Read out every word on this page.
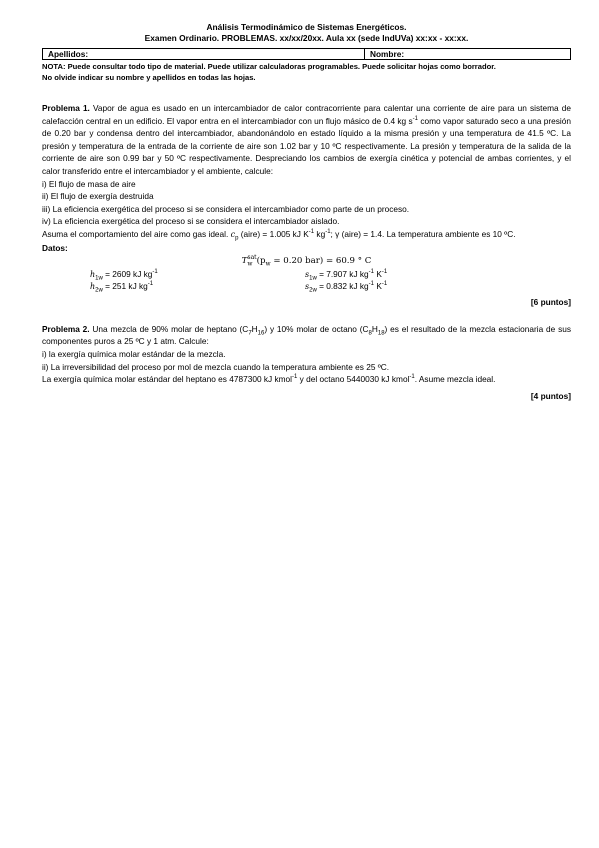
Análisis Termodinámico de Sistemas Energéticos.
Examen Ordinario. PROBLEMAS. xx/xx/20xx. Aula xx (sede IndUVa) xx:xx - xx:xx.
Apellidos:	Nombre:
NOTA: Puede consultar todo tipo de material. Puede utilizar calculadoras programables. Puede solicitar hojas como borrador.
No olvide indicar su nombre y apellidos en todas las hojas.
Problema 1. Vapor de agua es usado en un intercambiador de calor contracorriente para calentar una corriente de aire para un sistema de calefacción central en un edificio. El vapor entra en el intercambiador con un flujo másico de 0.4 kg $s^{-1}$ como vapor saturado seco a una presión de 0.20 bar y condensa dentro del intercambiador, abandonándolo en estado líquido a la misma presión y una temperatura de 41.5 ºC. La presión y temperatura de la entrada de la corriente de aire son 1.02 bar y 10 ºC respectivamente. La presión y temperatura de la salida de la corriente de aire son 0.99 bar y 50 ºC respectivamente. Despreciando los cambios de exergía cinética y potencial de ambas corrientes, y el calor transferido entre el intercambiador y el ambiente, calcule:
i) El flujo de masa de aire
ii) El flujo de exergía destruida
iii) La eficiencia exergética del proceso si se considera el intercambiador como parte de un proceso.
iv) La eficiencia exergética del proceso si se considera el intercambiador aislado.
Asuma el comportamiento del aire como gas ideal. $c_p$ (aire) = 1.005 kJ $K^{-1}$ $kg^{-1}$; γ (aire) = 1.4. La temperatura ambiente es 10 ºC.
Datos:
$T_w^{sat}(p_w = 0.20$ bar) = 60.9 ° C
$h_{1w} = 2609$ kJ $kg^{-1}$	$s_{1w} = 7.907$ kJ $kg^{-1}$ $K^{-1}$
$h_{2w} = 251$ kJ $kg^{-1}$	$s_{2w} = 0.832$ kJ $kg^{-1}$ $K^{-1}$
[6 puntos]
Problema 2. Una mezcla de 90% molar de heptano $(C_7H_{16})$ y 10% molar de octano $(C_8H_{18})$ es el resultado de la mezcla estacionaria de sus componentes puros a 25 ºC y 1 atm. Calcule:
i) la exergía química molar estándar de la mezcla.
ii) La irreversibilidad del proceso por mol de mezcla cuando la temperatura ambiente es 25 ºC.
La exergía química molar estándar del heptano es 4787300 kJ kmol$^{-1}$ y del octano 5440030 kJ kmol$^{-1}$. Asume mezcla ideal.
[4 puntos]
